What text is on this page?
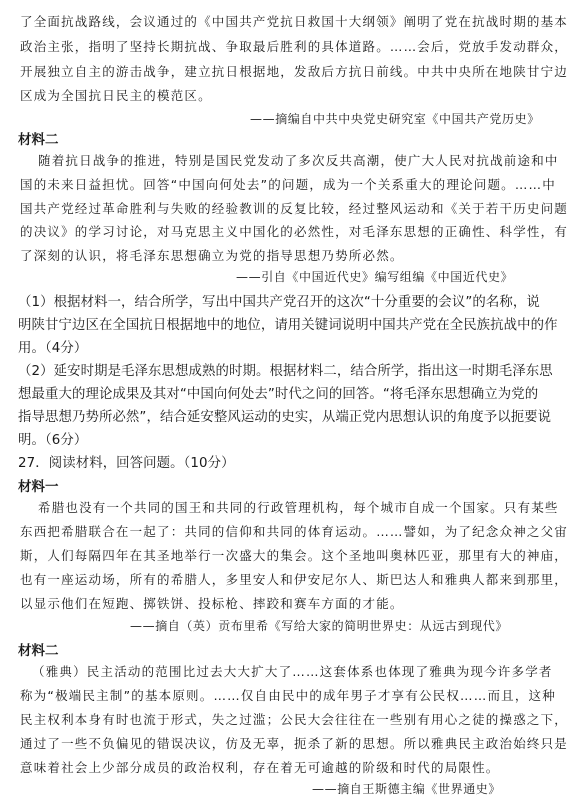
了全面抗战路线，会议通过的《中国共产党抗日救国十大纲领》阐明了党在抗战时期的基本
政治主张，指明了坚持长期抗战、争取最后胜利的具体道路。……会后，党放手发动群众，
开展独立自主的游击战争，建立抗日根据地，发敌后方抗日前线。中共中央所在地陕甘宁边
区成为全国抗日民主的模范区。
——摘编自中共中央党史研究室《中国共产党历史》
材料二
随着抗日战争的推进，特别是国民党发动了多次反共高潮，使广大人民对抗战前途和中
国的未来日益担忧。回答“中国向何处去”的问题，成为一个关系重大的理论问题。……中
国共产党经过革命胜利与失败的经验教训的反复比较，经过整风运动和《关于若干历史问题
的决议》的学习讨论，对马克思主义中国化的必然性，对毛泽东思想的正确性、科学性，有
了深刻的认识，将毛泽东思想确立为党的指导思想乃势所必然。
——引自《中国近代史》编写组编《中国近代史》
（1）根据材料一，结合所学，写出中国共产党召开的这次“十分重要的会议”的名称，说
明陕甘宁边区在全国抗日根据地中的地位，请用关键词说明中国共产党在全民族抗战中的作
用。（4分）
（2）延安时期是毛泽东思想成熟的时期。根据材料二，结合所学，指出这一时期毛泽东思
想最重大的理论成果及其对“中国向何处去”时代之问的回答。“将毛泽东思想确立为党的
指导思想乃势所必然”，结合延安整风运动的史实，从端正党内思想认识的角度予以扼要说
明。（6分）
27．阅读材料，回答问题。（10分）
材料一
希腊也没有一个共同的国王和共同的行政管理机构，每个城市自成一个国家。只有某些
东西把希腊联合在一起了：共同的信仰和共同的体育运动。……譬如，为了纪念众神之父宙
斯，人们每隔四年在其圣地举行一次盛大的集会。这个圣地叫奥林匹亚，那里有大的神庙，
也有一座运动场，所有的希腊人，多里安人和伊安尼尔人、斯巴达人和雅典人都来到那里，
以显示他们在短跑、掷铁饼、投标枪、摔跤和赛车方面的才能。
——摘自（英）贡布里希《写给大家的简明世界史：从远古到现代》
材料二
（雅典）民主活动的范围比过去大大扩大了……这套体系也体现了雅典为现今许多学者
称为“极端民主制”的基本原则。……仅自由民中的成年男子才享有公民权……而且，这种
民主权利本身有时也流于形式，失之过滥；公民大会往往在一些别有用心之徒的操惑之下，
通过了一些不负偏见的错误决议，仿及无辜，扼杀了新的思想。所以雅典民主政治始终只是
意味着社会上少部分成员的政治权利，存在着无可逾越的阶级和时代的局限性。
——摘自王斯德主编《世界通史》
